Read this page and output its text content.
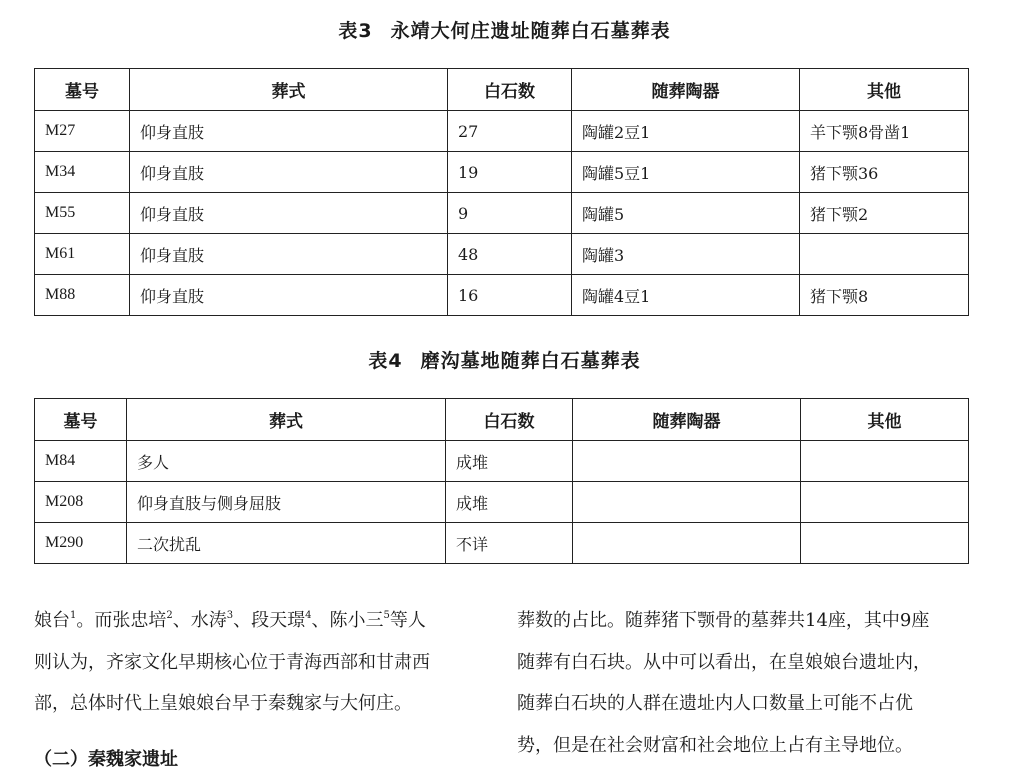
表3 永靖大何庄遗址随葬白石墓葬表
墓号	葬式	白石数	随葬陶器	其他
M27	仰身直肢	27	陶罐2豆1	羊下颚8骨凿1
M34	仰身直肢	19	陶罐5豆1	猪下颚36
M55	仰身直肢	9	陶罐5	猪下颚2
M61	仰身直肢	48	陶罐3	
M88	仰身直肢	16	陶罐4豆1	猪下颚8
表4 磨沟墓地随葬白石墓葬表
墓号	葬式	白石数	随葬陶器	其他
M84	多人	成堆		
M208	仰身直肢与侧身屈肢	成堆		
M290	二次扰乱	不详		
娘台$^1$。而张忠培$^2$、水涛$^3$、段天璟$^4$、陈小三$^5$等人
则认为，齐家文化早期核心位于青海西部和甘肃西
部，总体时代上皇娘娘台早于秦魏家与大何庄。
葬数的占比。随葬猪下颚骨的墓葬共14座，其中9座
随葬有白石块。从中可以看出，在皇娘娘台遗址内，
随葬白石块的人群在遗址内人口数量上可能不占优
势，但是在社会财富和社会地位上占有主导地位。
（二）秦魏家遗址
